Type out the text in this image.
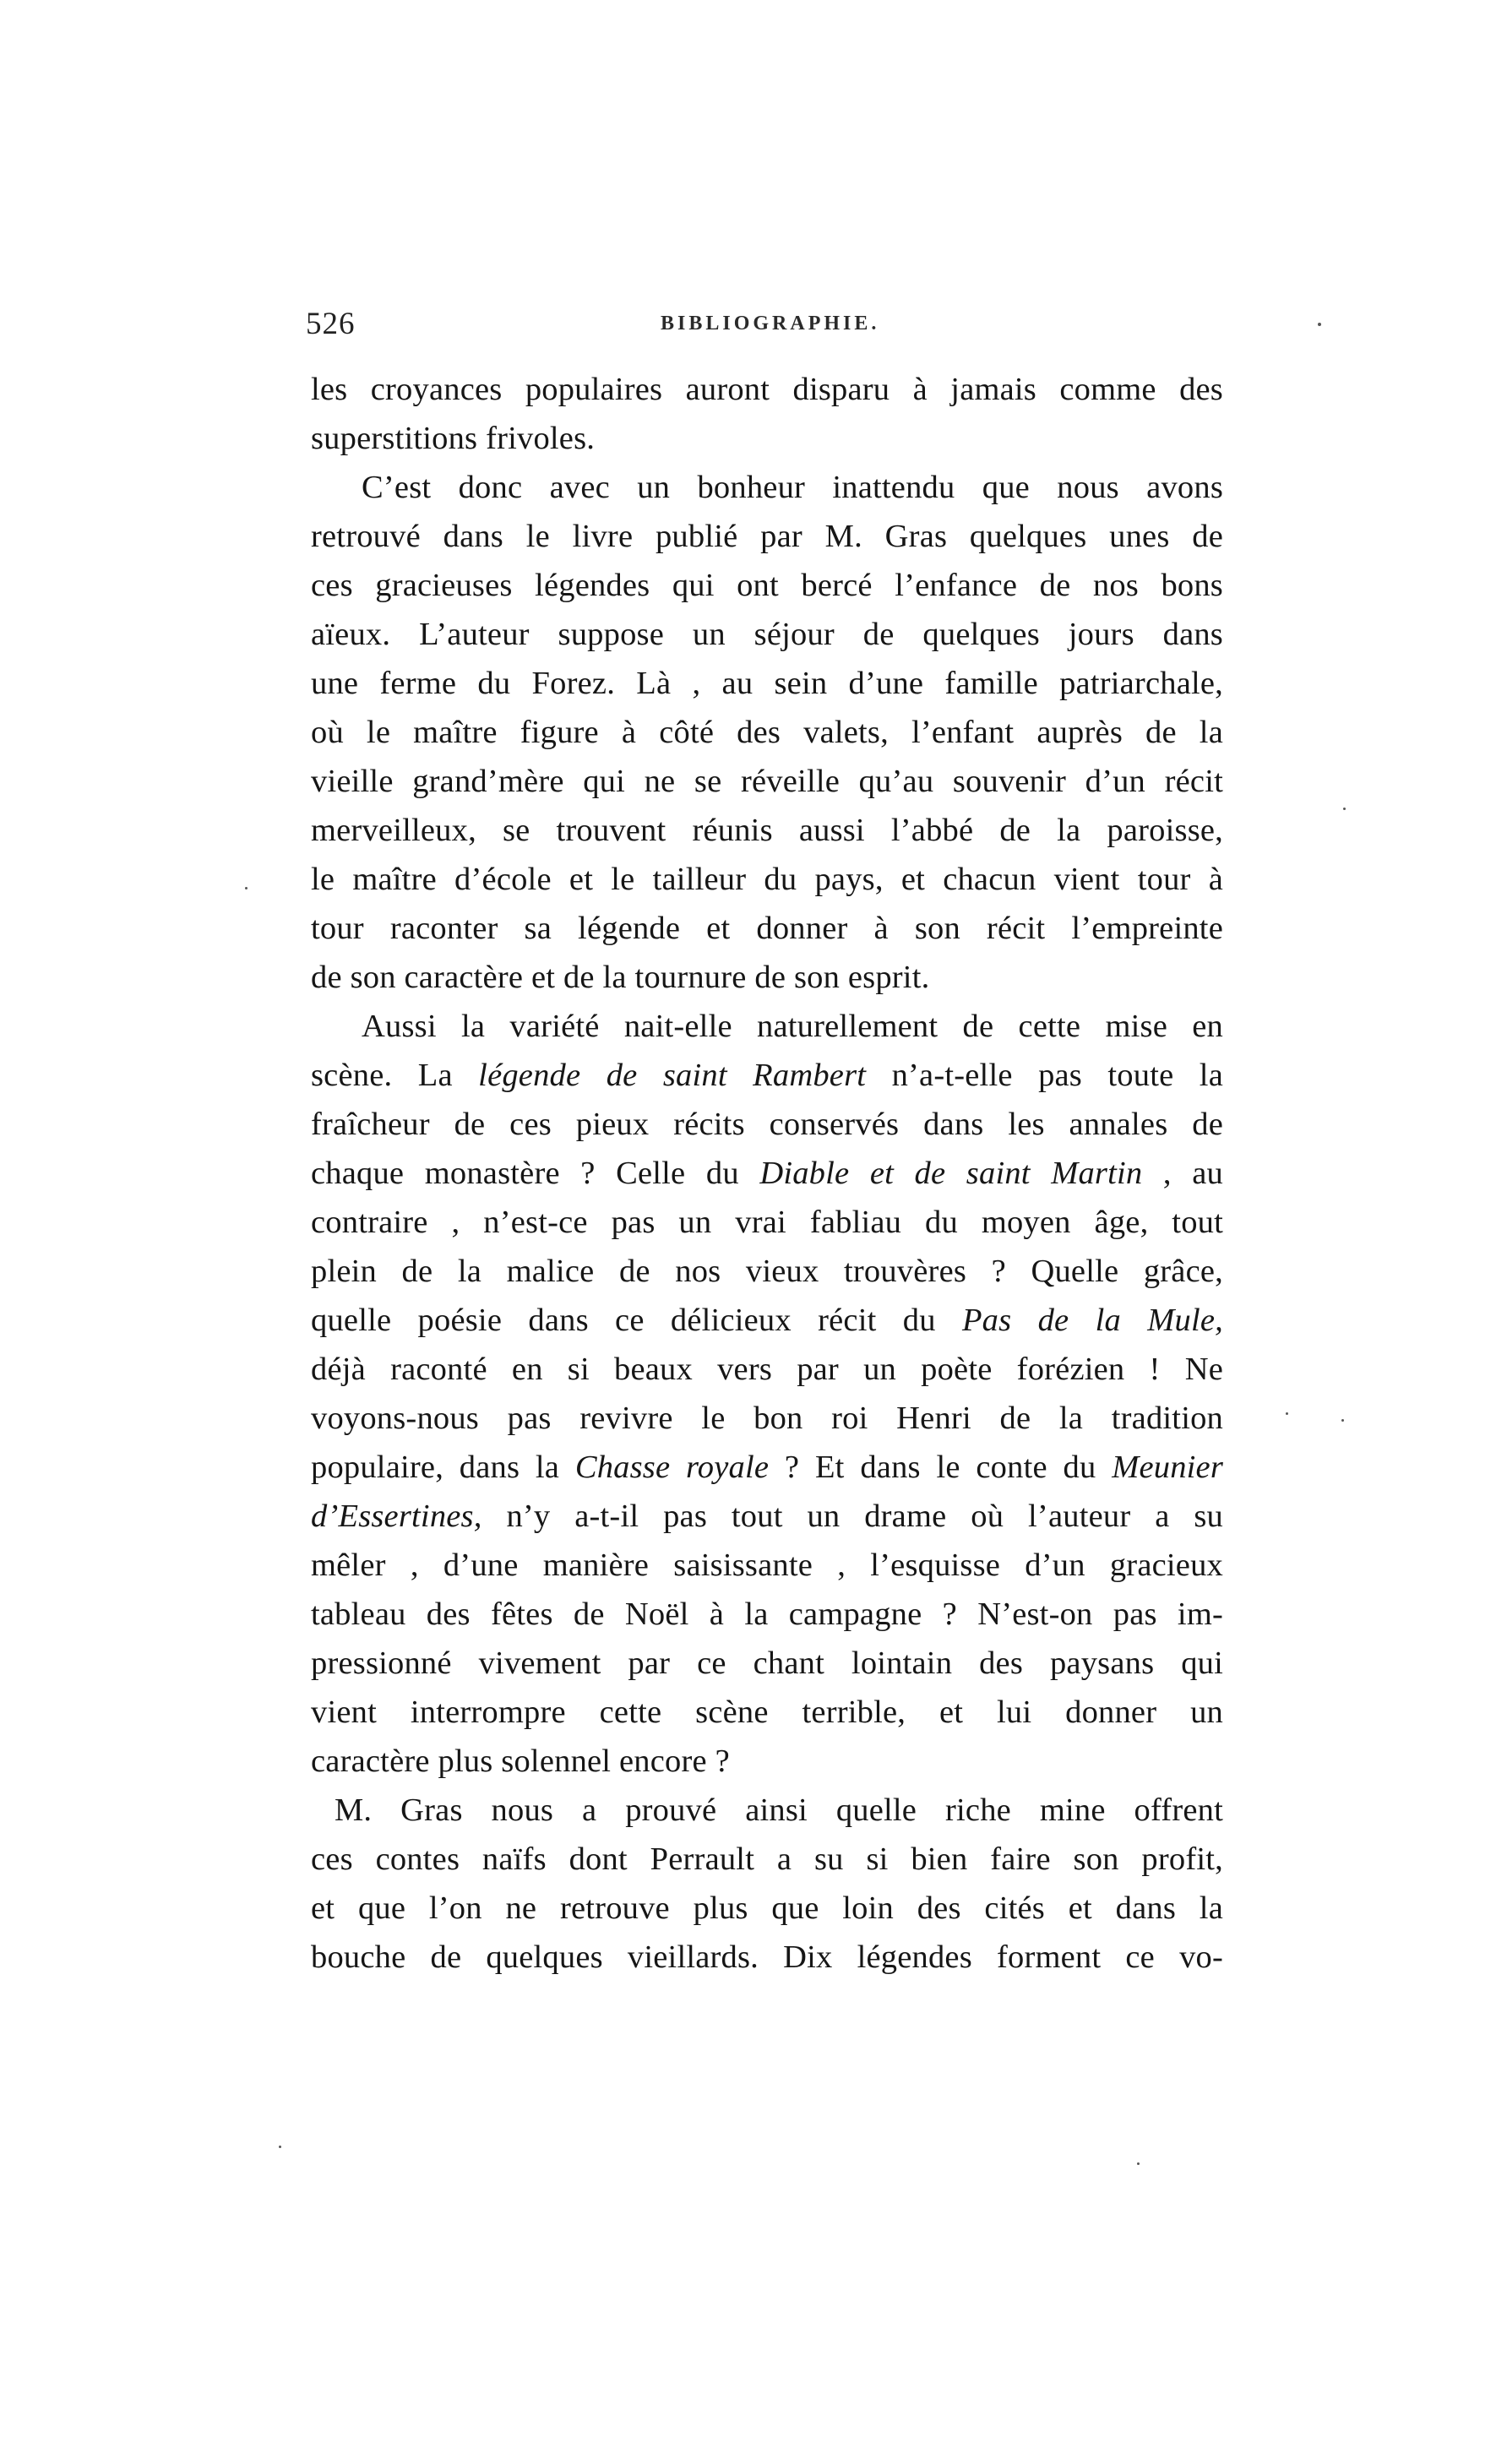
526	BIBLIOGRAPHIE.
les croyances populaires auront disparu à jamais comme des
superstitions frivoles.
C’est donc avec un bonheur inattendu que nous avons
retrouvé dans le livre publié par M. Gras quelques unes de
ces gracieuses légendes qui ont bercé l’enfance de nos bons
aïeux. L’auteur suppose un séjour de quelques jours dans
une ferme du Forez. Là , au sein d’une famille patriarchale,
où le maître figure à côté des valets, l’enfant auprès de la
vieille grand’mère qui ne se réveille qu’au souvenir d’un récit
merveilleux, se trouvent réunis aussi l’abbé de la paroisse,
le maître d’école et le tailleur du pays, et chacun vient tour à
tour raconter sa légende et donner à son récit l’empreinte
de son caractère et de la tournure de son esprit.
Aussi la variété nait-elle naturellement de cette mise en
scène. La légende de saint Rambert n’a-t-elle pas toute la
fraîcheur de ces pieux récits conservés dans les annales de
chaque monastère ? Celle du Diable et de saint Martin , au
contraire , n’est-ce pas un vrai fabliau du moyen âge, tout
plein de la malice de nos vieux trouvères ? Quelle grâce,
quelle poésie dans ce délicieux récit du Pas de la Mule,
déjà raconté en si beaux vers par un poète forézien ! Ne
voyons-nous pas revivre le bon roi Henri de la tradition
populaire, dans la Chasse royale ? Et dans le conte du Meunier
d’Essertines, n’y a-t-il pas tout un drame où l’auteur a su
mêler , d’une manière saisissante , l’esquisse d’un gracieux
tableau des fêtes de Noël à la campagne ? N’est-on pas im-
pressionné vivement par ce chant lointain des paysans qui
vient interrompre cette scène terrible, et lui donner un
caractère plus solennel encore ?
M. Gras nous a prouvé ainsi quelle riche mine offrent
ces contes naïfs dont Perrault a su si bien faire son profit,
et que l’on ne retrouve plus que loin des cités et dans la
bouche de quelques vieillards. Dix légendes forment ce vo-
